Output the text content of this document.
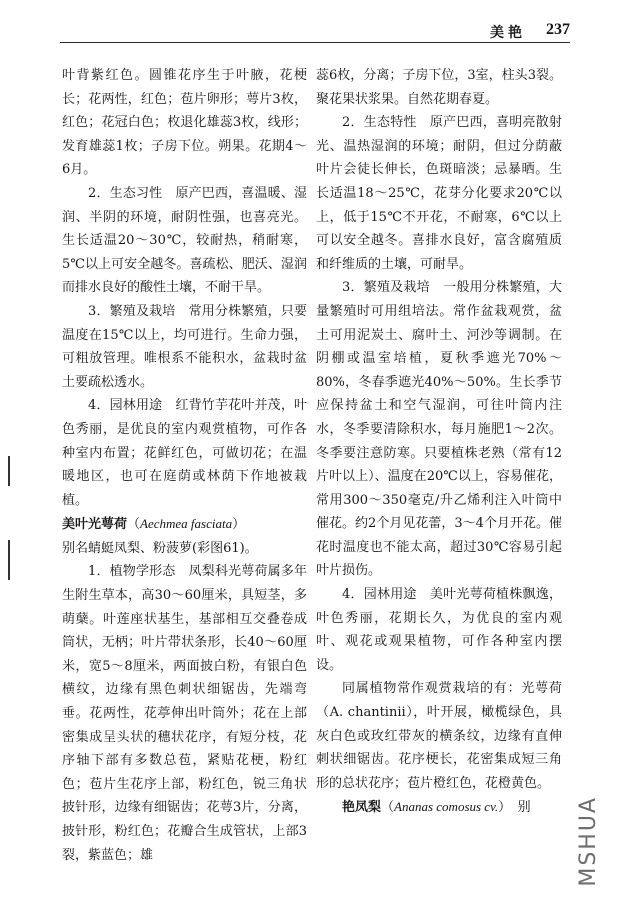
美艳 237

叶背紫红色。圆锥花序生于叶腋，花梗长；花两性，红色；苞片卵形；萼片3枚，红色；花冠白色；枚退化雄蕊3枚，线形；发育雄蕊1枚；子房下位。朔果。花期4～6月。

2．生态习性　原产巴西，喜温暖、湿润、半阴的环境，耐阴性强，也喜亮光。生长适温20～30℃，较耐热，稍耐寒，5℃以上可安全越冬。喜疏松、肥沃、湿润而排水良好的酸性土壤，不耐干旱。

3．繁殖及栽培　常用分株繁殖，只要温度在15℃以上，均可进行。生命力强，可粗放管理。唯根系不能积水，盆栽时盆土要疏松透水。

4．园林用途　红背竹芋花叶并茂，叶色秀丽，是优良的室内观赏植物，可作各种室内布置；花鲜红色，可做切花；在温暖地区，也可在庭荫或林荫下作地被栽植。

美叶光萼荷（Aechmea fasciata）

别名蜻蜓凤梨、粉菠萝(彩图61)。

1．植物学形态　凤梨科光萼荷属多年生附生草本，高30～60厘米，具短茎，多萌蘖。叶莲座状基生，基部相互交叠卷成筒状，无柄；叶片带状条形，长40～60厘米，宽5～8厘米，两面披白粉，有银白色横纹，边缘有黑色刺状细锯齿，先端弯垂。花两性，花葶伸出叶筒外；花在上部密集成呈头状的穗状花序，有短分枝，花序轴下部有多数总苞，紧贴花梗，粉红色；苞片生花序上部，粉红色，锐三角状披针形，边缘有细锯齿；花萼3片，分离，披针形，粉红色；花瓣合生成管状，上部3裂，紫蓝色；雄

蕊6枚，分离；子房下位，3室，柱头3裂。聚花果状浆果。自然花期春夏。

2．生态特性　原产巴西，喜明亮散射光、温热湿润的环境；耐阴，但过分荫蔽叶片会徒长伸长，色斑暗淡；忌暴晒。生长适温18～25℃，花芽分化要求20℃以上，低于15℃不开花，不耐寒，6℃以上可以安全越冬。喜排水良好，富含腐殖质和纤维质的土壤，可耐旱。

3．繁殖及栽培　一般用分株繁殖，大量繁殖时可用组培法。常作盆栽观赏，盆土可用泥炭土、腐叶土、河沙等调制。在阴棚或温室培植，夏秋季遮光70%～80%，冬春季遮光40%～50%。生长季节应保持盆土和空气湿润，可往叶筒内注水，冬季要清除积水，每月施肥1～2次。冬季要注意防寒。只要植株老熟（常有12片叶以上）、温度在20℃以上，容易催花，常用300～350毫克/升乙烯利注入叶筒中催花。约2个月见花蕾，3～4个月开花。催花时温度也不能太高，超过30℃容易引起叶片损伤。

4．园林用途　美叶光萼荷植株飘逸，叶色秀丽，花期长久，为优良的室内观叶、观花或观果植物，可作各种室内摆设。

同属植物常作观赏栽培的有：光萼荷（A. chantinii），叶开展，橄榄绿色，具灰白色或玫红带灰的横条纹，边缘有直伸刺状细锯齿。花序梗长，花密集成短三角形的总状花序；苞片橙红色，花橙黄色。

艳凤梨（Ananas comosus cv.）　别	MSHUA
